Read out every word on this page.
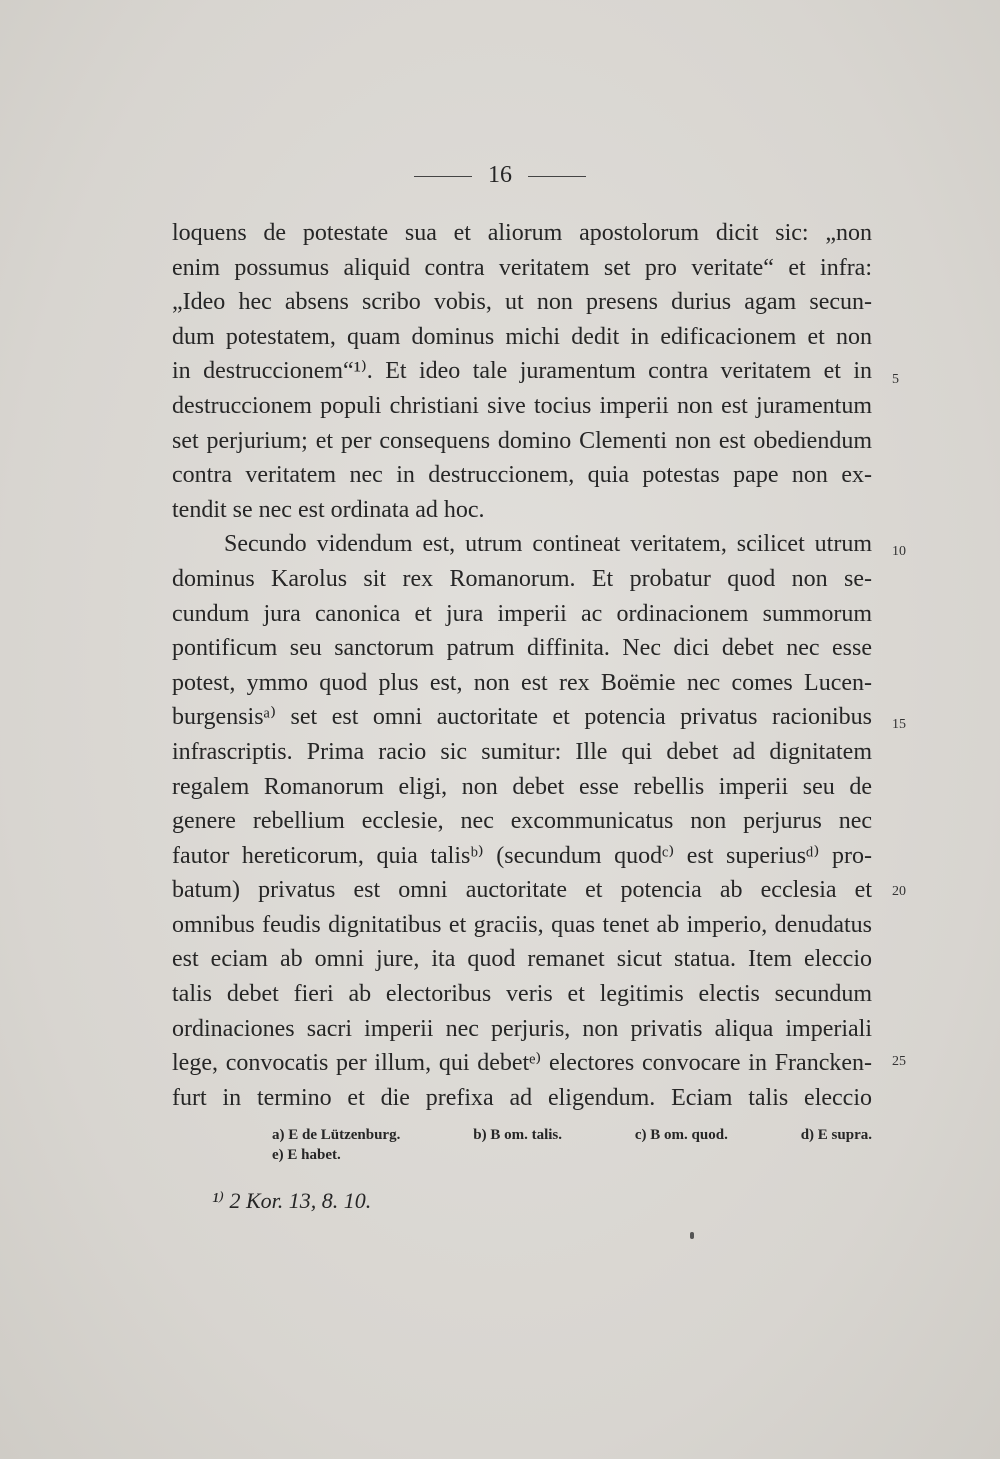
16
loquens de potestate sua et aliorum apostolorum dicit sic: „non
enim possumus aliquid contra veritatem set pro veritate“ et infra:
„Ideo hec absens scribo vobis, ut non presens durius agam secun-
dum potestatem, quam dominus michi dedit in edificacionem et non
in destruccionem“¹⁾. Et ideo tale juramentum contra veritatem et in
destruccionem populi christiani sive tocius imperii non est juramentum
set perjurium; et per consequens domino Clementi non est obediendum
contra veritatem nec in destruccionem, quia potestas pape non ex-
tendit se nec est ordinata ad hoc.
Secundo videndum est, utrum contineat veritatem, scilicet utrum
dominus Karolus sit rex Romanorum. Et probatur quod non se-
cundum jura canonica et jura imperii ac ordinacionem summorum
pontificum seu sanctorum patrum diffinita. Nec dici debet nec esse
potest, ymmo quod plus est, non est rex Boëmie nec comes Lucen-
burgensisᵃ⁾ set est omni auctoritate et potencia privatus racionibus
infrascriptis. Prima racio sic sumitur: Ille qui debet ad dignitatem
regalem Romanorum eligi, non debet esse rebellis imperii seu de
genere rebellium ecclesie, nec excommunicatus non perjurus nec
fautor hereticorum, quia talisᵇ⁾ (secundum quodᶜ⁾ est superiusᵈ⁾ pro-
batum) privatus est omni auctoritate et potencia ab ecclesia et
omnibus feudis dignitatibus et graciis, quas tenet ab imperio, denudatus
est eciam ab omni jure, ita quod remanet sicut statua. Item eleccio
talis debet fieri ab electoribus veris et legitimis electis secundum
ordinaciones sacri imperii nec perjuris, non privatis aliqua imperiali
lege, convocatis per illum, qui debetᵉ⁾ electores convocare in Francken-
furt in termino et die prefixa ad eligendum. Eciam talis eleccio
5
10
15
20
25
a) E de Lützenburg.	b) B om. talis.	c) B om. quod.	d) E supra.
e) E habet.
¹⁾ 2 Kor. 13, 8. 10.
